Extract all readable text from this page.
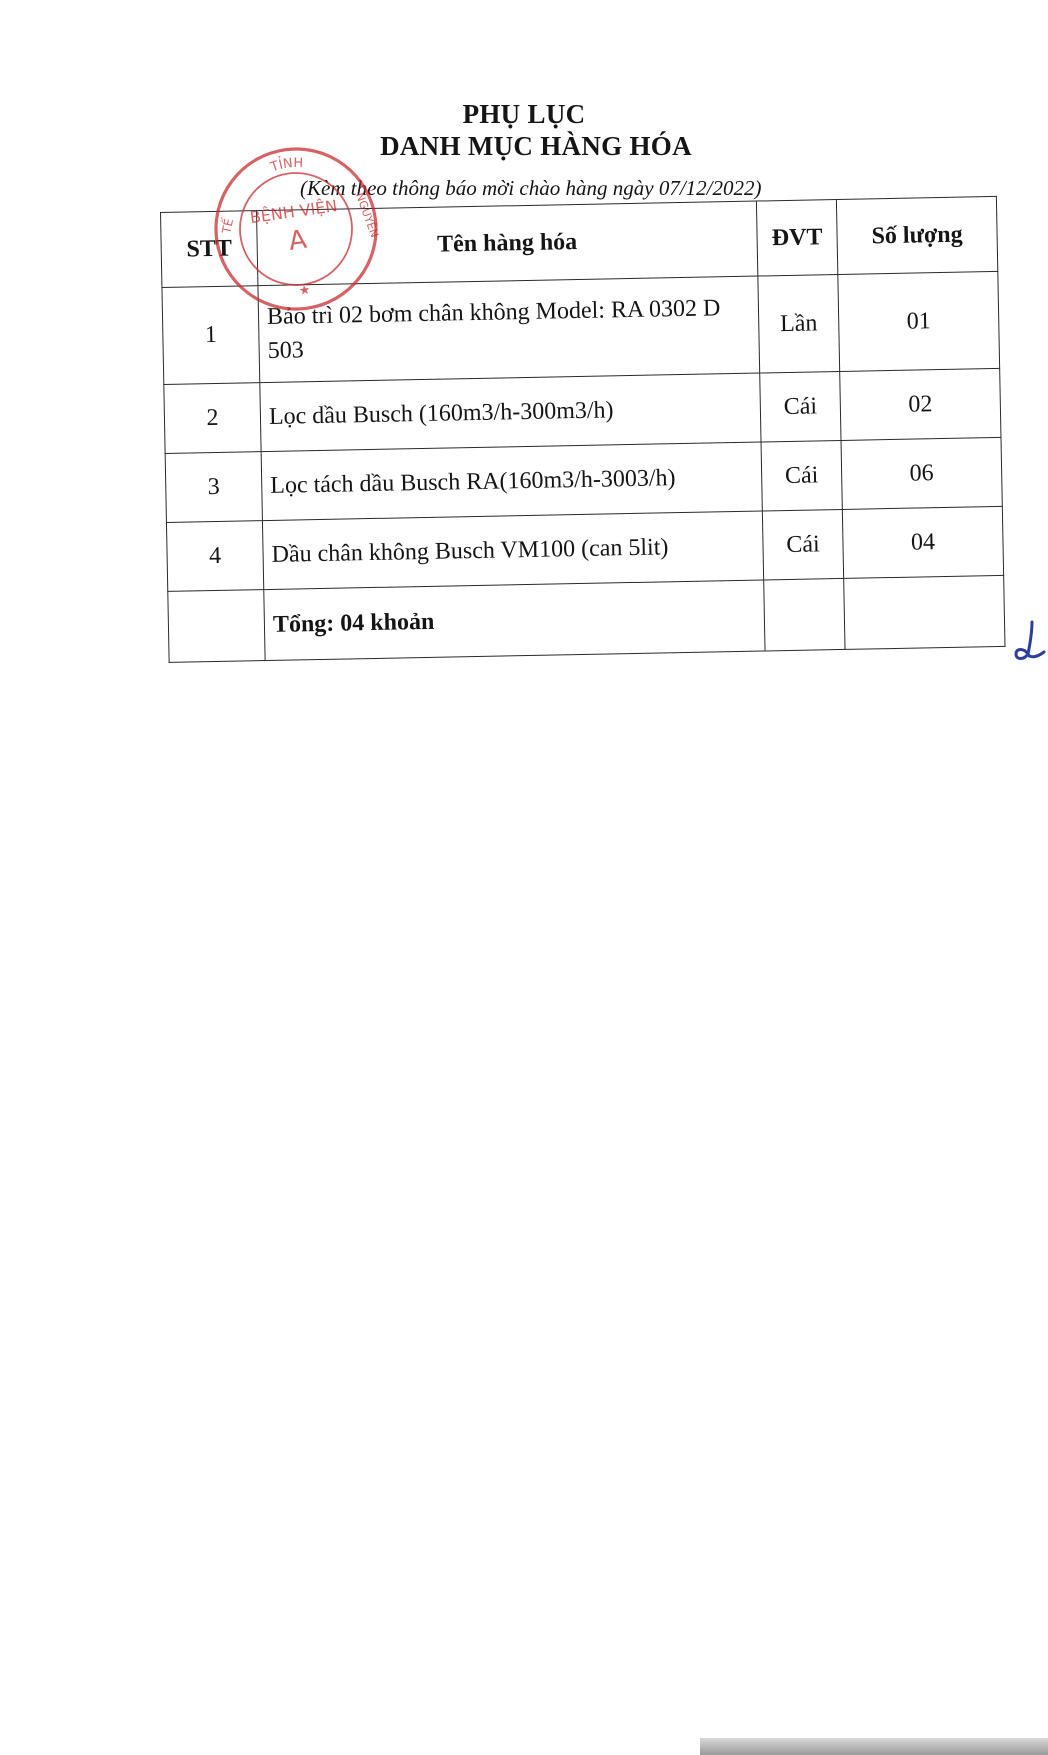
PHỤ LỤC
DANH MỤC HÀNG HÓA
(Kèm theo thông báo mời chào hàng ngày 07/12/2022)
STT	Tên hàng hóa	ĐVT	Số lượng
1	Bảo trì 02 bơm chân không Model: RA 0302 D 503	Lần	01
2	Lọc dầu Busch (160m3/h-300m3/h)	Cái	02
3	Lọc tách dầu Busch RA(160m3/h-3003/h)	Cái	06
4	Dầu chân không Busch VM100 (can 5lit)	Cái	04
	Tổng: 04 khoản		
TỈNH
TẾ	NGUYÊN
BỆNH VIỆN
A
★
